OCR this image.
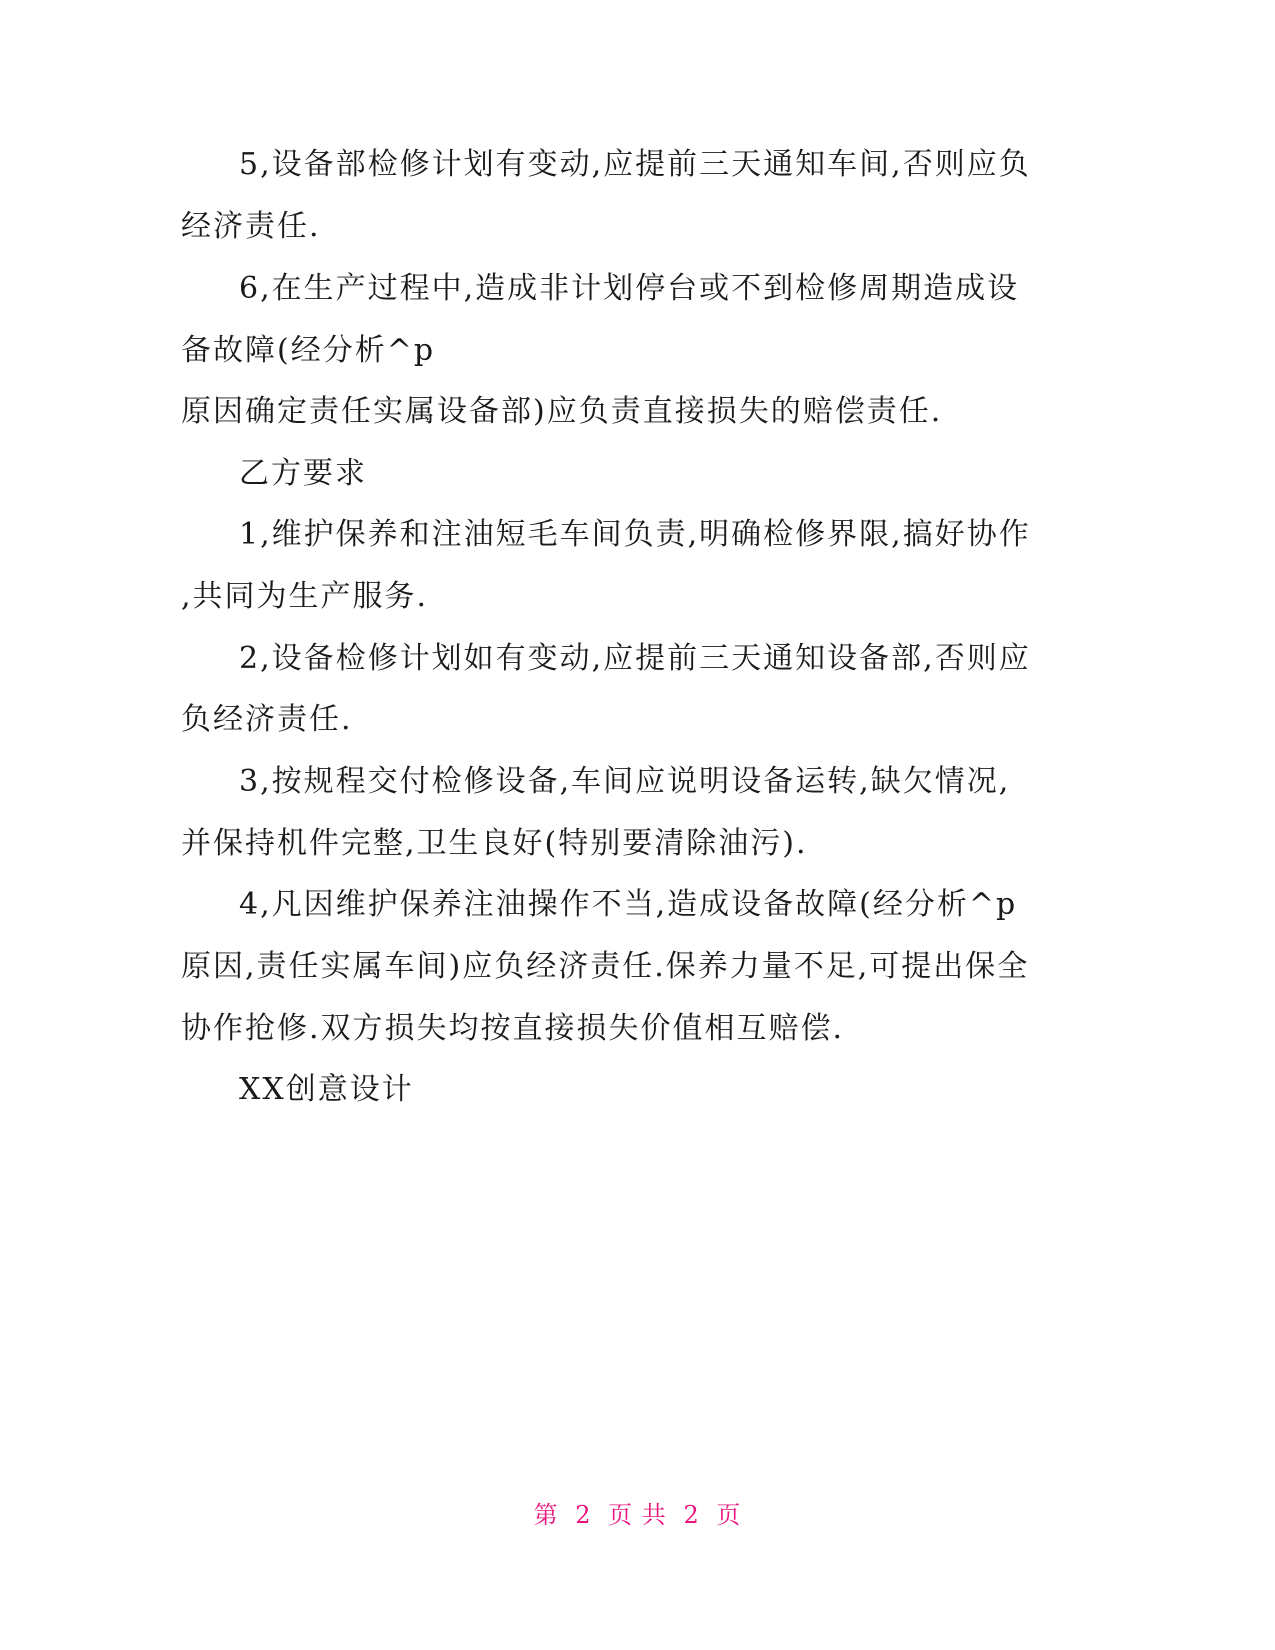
5,设备部检修计划有变动,应提前三天通知车间,否则应负
经济责任.
6,在生产过程中,造成非计划停台或不到检修周期造成设
备故障(经分析^p
原因确定责任实属设备部)应负责直接损失的赔偿责任.
乙方要求
1,维护保养和注油短毛车间负责,明确检修界限,搞好协作
,共同为生产服务.
2,设备检修计划如有变动,应提前三天通知设备部,否则应
负经济责任.
3,按规程交付检修设备,车间应说明设备运转,缺欠情况,
并保持机件完整,卫生良好(特别要清除油污).
4,凡因维护保养注油操作不当,造成设备故障(经分析^p
原因,责任实属车间)应负经济责任.保养力量不足,可提出保全
协作抢修.双方损失均按直接损失价值相互赔偿.
XX创意设计
第 2 页 共 2 页
